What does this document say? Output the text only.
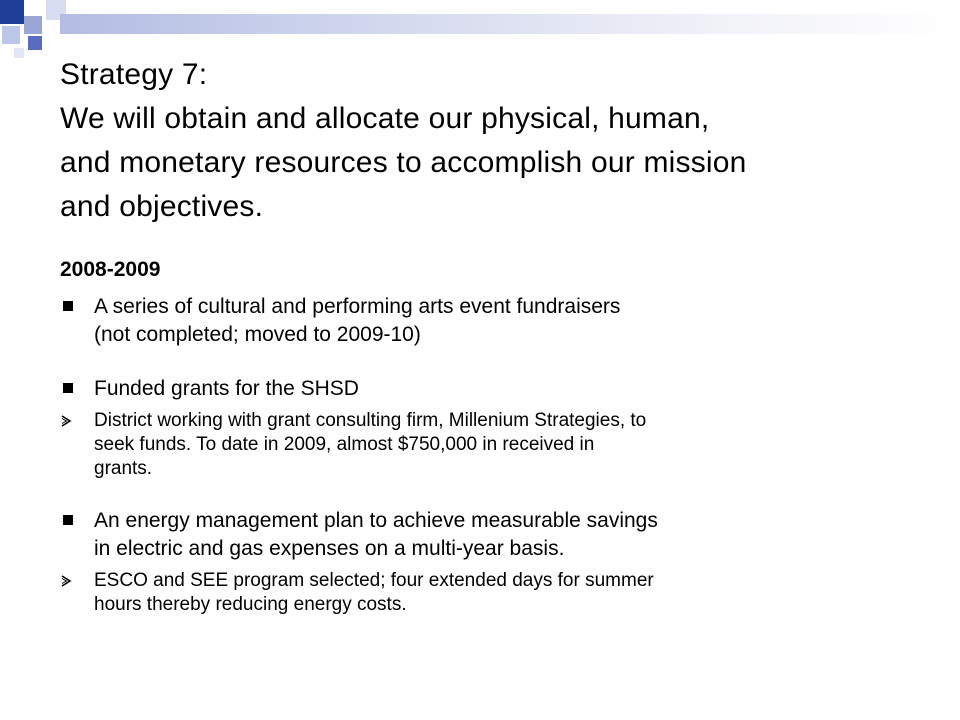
Strategy 7:
We will obtain and allocate our physical, human,
and monetary resources to accomplish our mission
and objectives.
2008-2009
A series of cultural and performing arts event fundraisers
(not completed; moved to 2009-10)
Funded grants for the SHSD
District working with grant consulting firm, Millenium Strategies, to
seek funds. To date in 2009, almost $750,000 in received in
grants.
An energy management plan to achieve measurable savings
in electric and gas expenses on a multi-year basis.
ESCO and SEE program selected; four extended days for summer
hours thereby reducing energy costs.
